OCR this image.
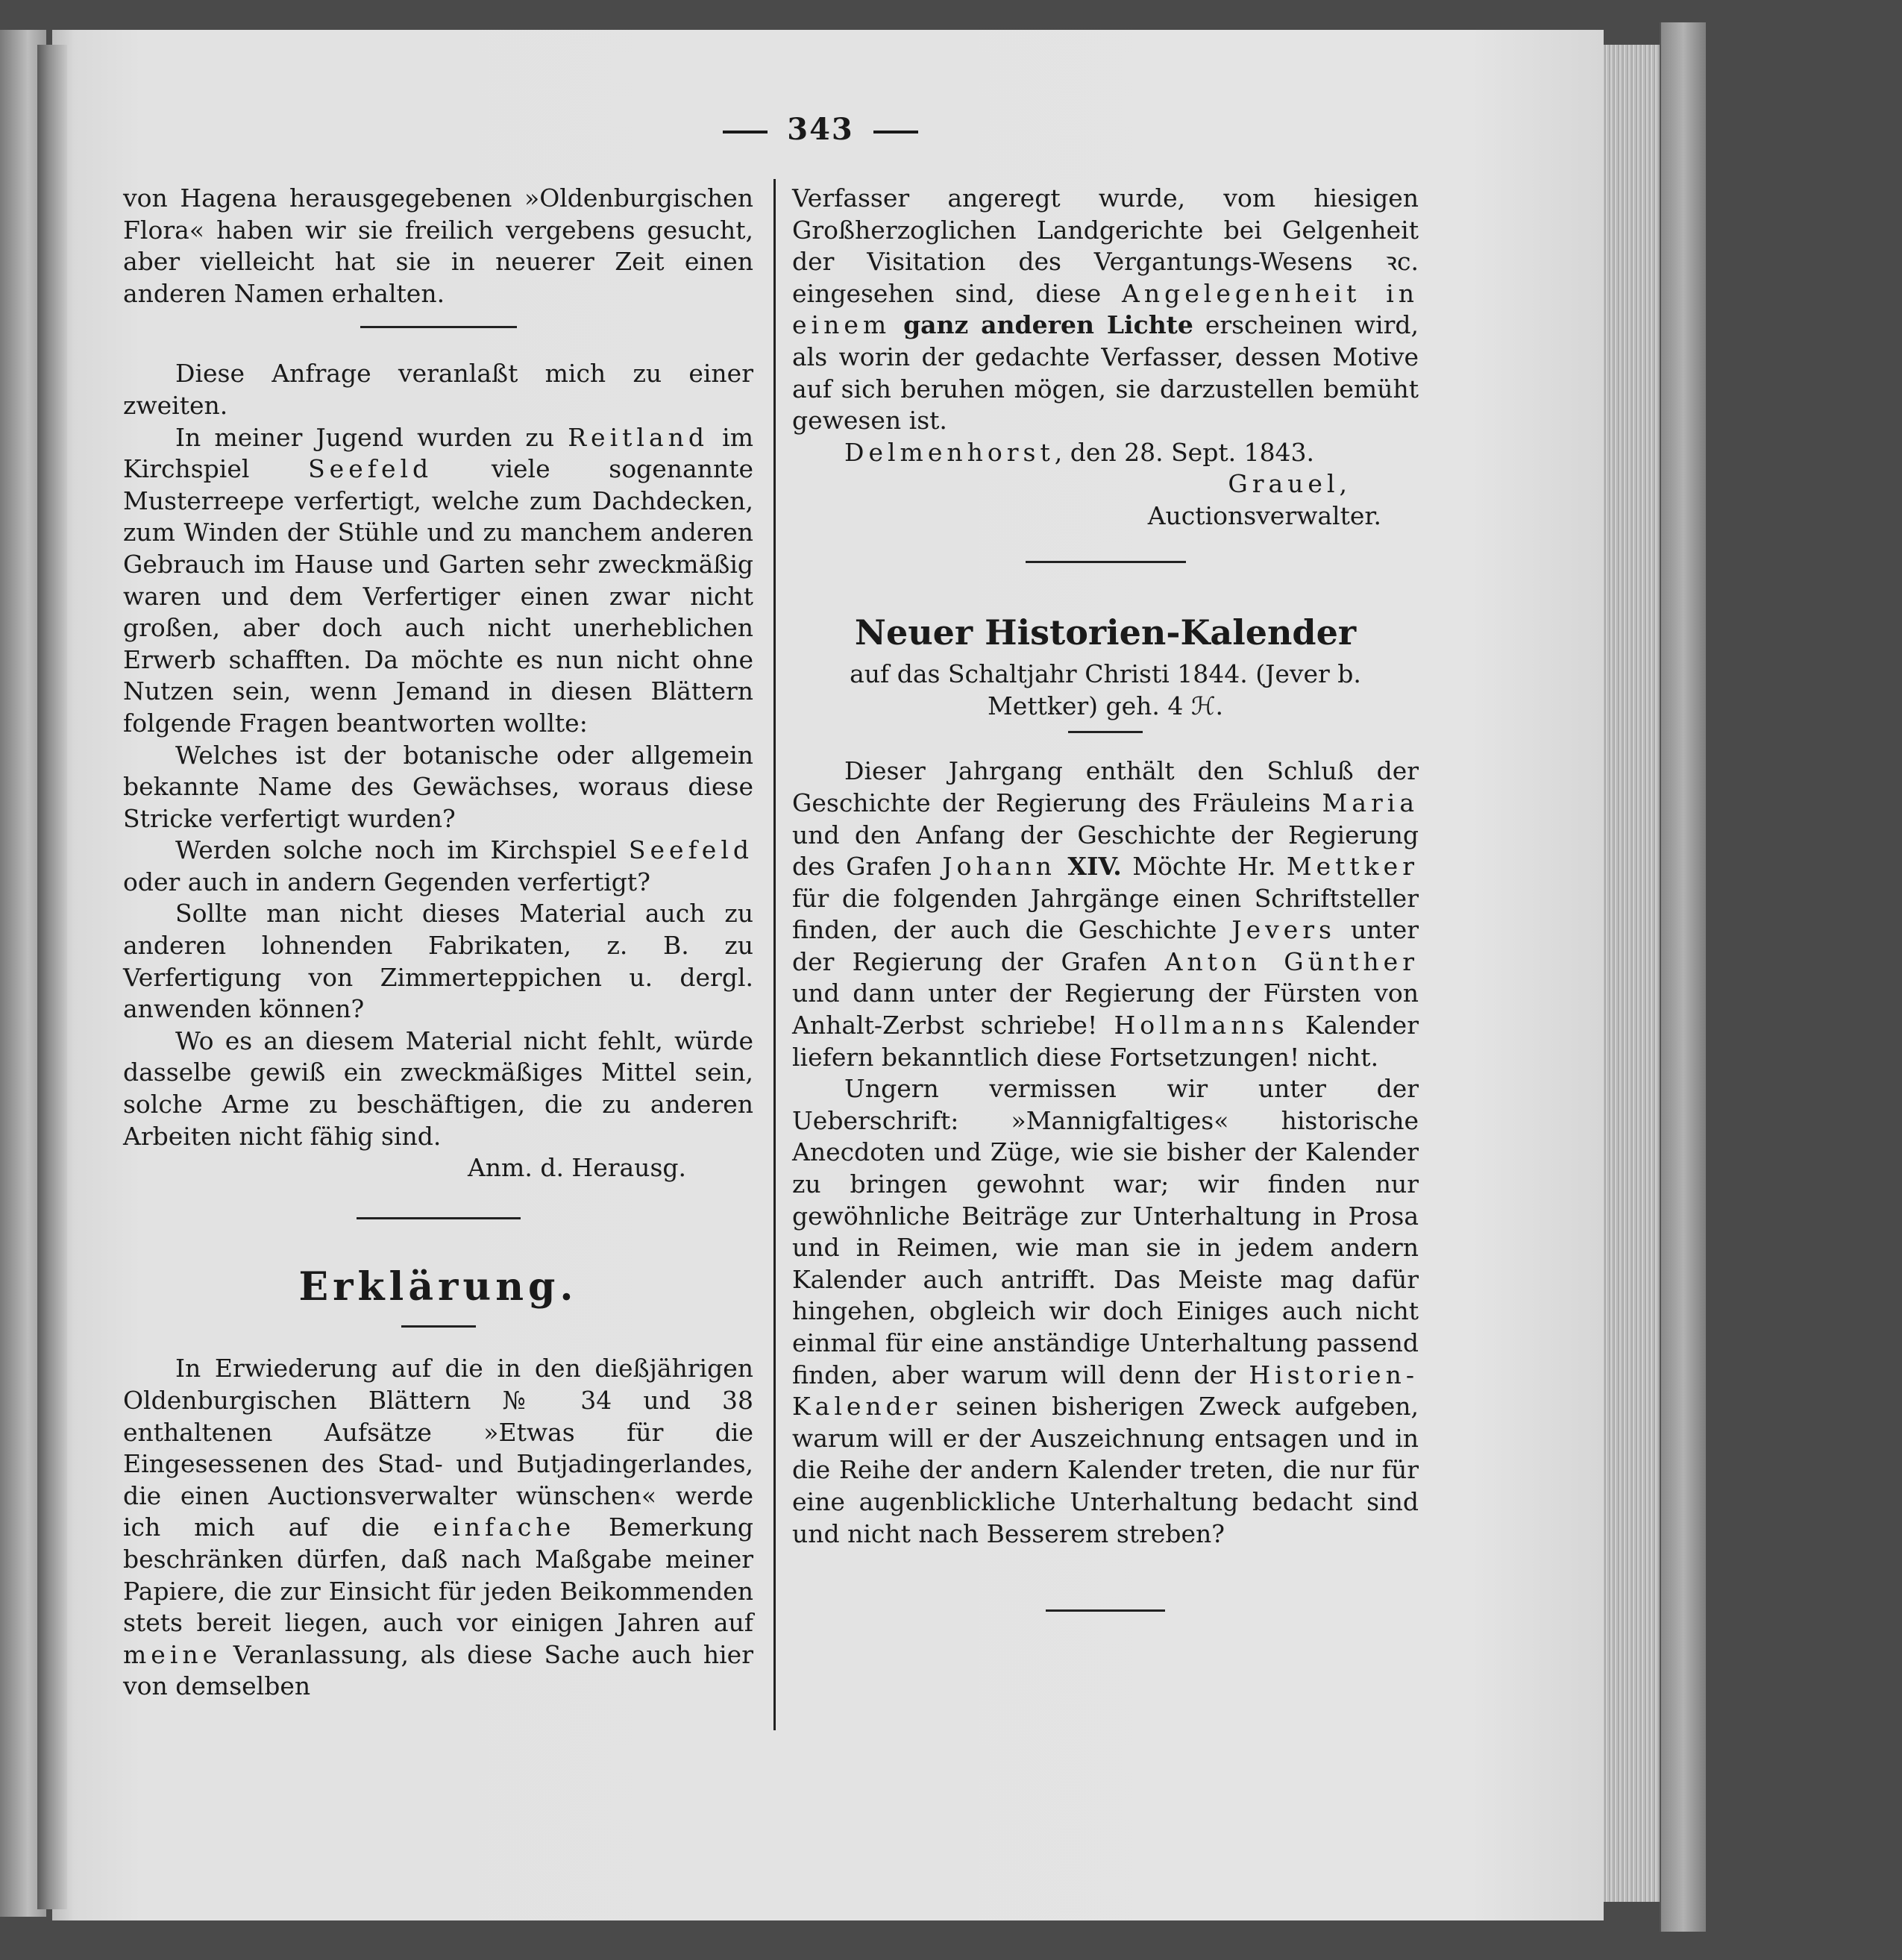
343

von Hagena herausgegebenen »Oldenburgischen Flora« haben wir sie freilich vergebens gesucht, aber vielleicht hat sie in neuerer Zeit einen anderen Namen erhalten.

Diese Anfrage veranlaßt mich zu einer zweiten.

In meiner Jugend wurden zu Reitland im Kirchspiel Seefeld viele sogenannte Musterreepe verfertigt, welche zum Dachdecken, zum Winden der Stühle und zu manchem anderen Gebrauch im Hause und Garten sehr zweckmäßig waren und dem Verfertiger einen zwar nicht großen, aber doch auch nicht unerheblichen Erwerb schafften. Da möchte es nun nicht ohne Nutzen sein, wenn Jemand in diesen Blättern folgende Fragen beantworten wollte:

Welches ist der botanische oder allgemein bekannte Name des Gewächses, woraus diese Stricke verfertigt wurden?

Werden solche noch im Kirchspiel Seefeld oder auch in andern Gegenden verfertigt?

Sollte man nicht dieses Material auch zu anderen lohnenden Fabrikaten, z. B. zu Verfertigung von Zimmerteppichen u. dergl. anwenden können?

Wo es an diesem Material nicht fehlt, würde dasselbe gewiß ein zweckmäßiges Mittel sein, solche Arme zu beschäftigen, die zu anderen Arbeiten nicht fähig sind.

Anm. d. Herausg.

Erklärung.

In Erwiederung auf die in den dießjährigen Oldenburgischen Blättern № 34 und 38 enthaltenen Aufsätze »Etwas für die Eingesessenen des Stad- und Butjadingerlandes, die einen Auctionsverwalter wünschen« werde ich mich auf die einfache Bemerkung beschränken dürfen, daß nach Maßgabe meiner Papiere, die zur Einsicht für jeden Beikommenden stets bereit liegen, auch vor einigen Jahren auf meine Veranlassung, als diese Sache auch hier von demselben

Verfasser angeregt wurde, vom hiesigen Großherzoglichen Landgerichte bei Gelgenheit der Visitation des Vergantungs-Wesens ꝛc. eingesehen sind, diese Angelegenheit in einem ganz anderen Lichte erscheinen wird, als worin der gedachte Verfasser, dessen Motive auf sich beruhen mögen, sie darzustellen bemüht gewesen ist.

Delmenhorst, den 28. Sept. 1843.

Grauel,

Auctionsverwalter.

Neuer Historien-Kalender

auf das Schaltjahr Christi 1844. (Jever b. Mettker) geh. 4 ℋ.

Dieser Jahrgang enthält den Schluß der Geschichte der Regierung des Fräuleins Maria und den Anfang der Geschichte der Regierung des Grafen Johann XIV. Möchte Hr. Mettker für die folgenden Jahrgänge einen Schriftsteller finden, der auch die Geschichte Jevers unter der Regierung der Grafen Anton Günther und dann unter der Regierung der Fürsten von Anhalt-Zerbst schriebe! Hollmanns Kalender liefern bekanntlich diese Fortsetzungen! nicht.

Ungern vermissen wir unter der Ueberschrift: »Mannigfaltiges« historische Anecdoten und Züge, wie sie bisher der Kalender zu bringen gewohnt war; wir finden nur gewöhnliche Beiträge zur Unterhaltung in Prosa und in Reimen, wie man sie in jedem andern Kalender auch antrifft. Das Meiste mag dafür hingehen, obgleich wir doch Einiges auch nicht einmal für eine anständige Unterhaltung passend finden, aber warum will denn der Historien-Kalender seinen bisherigen Zweck aufgeben, warum will er der Auszeichnung entsagen und in die Reihe der andern Kalender treten, die nur für eine augenblickliche Unterhaltung bedacht sind und nicht nach Besserem streben?
